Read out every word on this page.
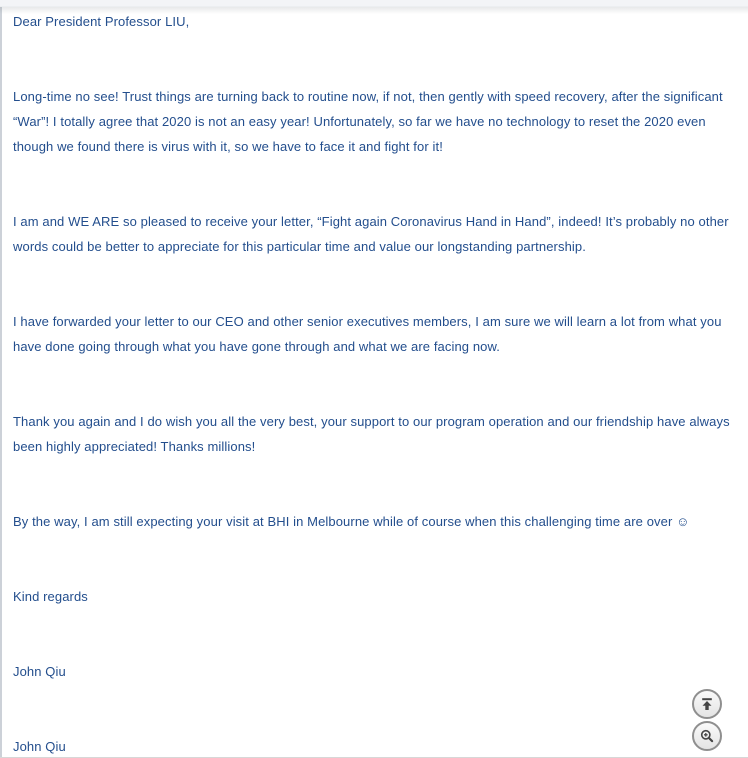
Dear President Professor LIU,

Long-time no see! Trust things are turning back to routine now, if not, then gently with speed recovery, after the significant “War”! I totally agree that 2020 is not an easy year! Unfortunately, so far we have no technology to reset the 2020 even though we found there is virus with it, so we have to face it and fight for it!

I am and WE ARE so pleased to receive your letter, “Fight again Coronavirus Hand in Hand”, indeed! It’s probably no other words could be better to appreciate for this particular time and value our longstanding partnership.

I have forwarded your letter to our CEO and other senior executives members, I am sure we will learn a lot from what you have done going through what you have gone through and what we are facing now.

Thank you again and I do wish you all the very best, your support to our program operation and our friendship have always been highly appreciated! Thanks millions!

By the way, I am still expecting your visit at BHI in Melbourne while of course when this challenging time are over ☺

Kind regards

John Qiu

John Qiu
